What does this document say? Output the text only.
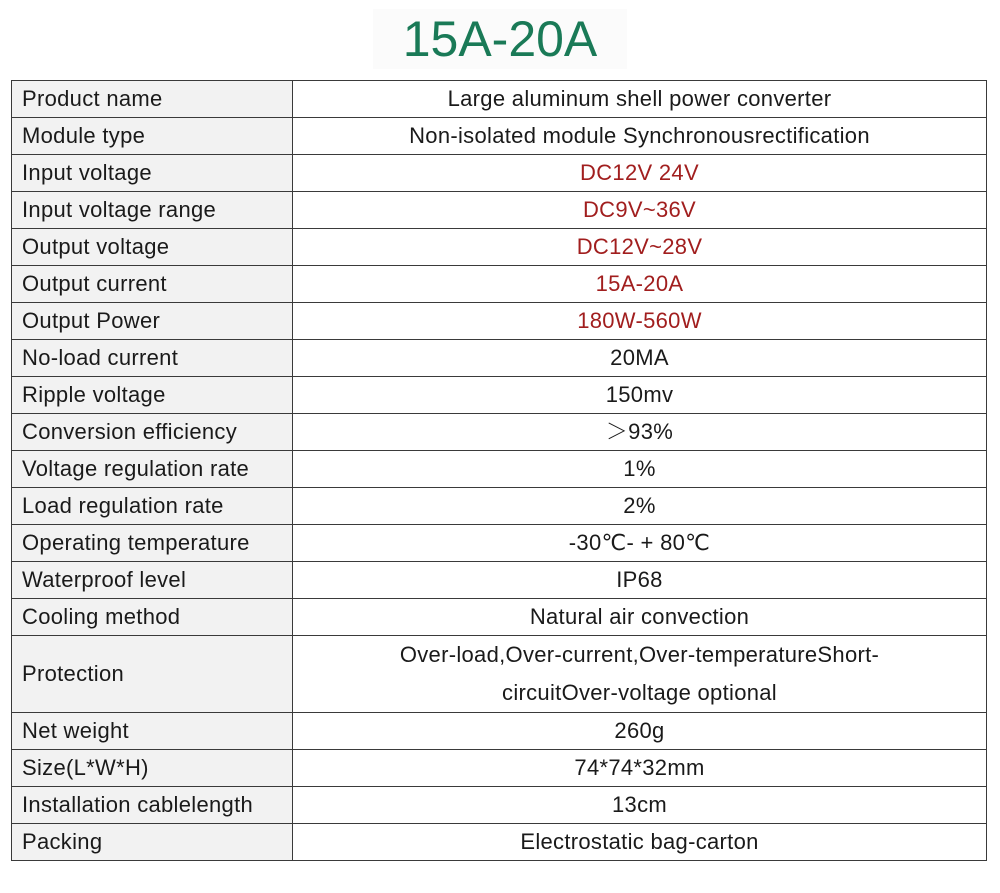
15A-20A
Product name	Large aluminum shell power converter
Module type	Non-isolated module Synchronousrectification
Input voltage	DC12V 24V
Input voltage range	DC9V~36V
Output voltage	DC12V~28V
Output current	15A-20A
Output Power	180W-560W
No-load current	20MA
Ripple voltage	150mv
Conversion efficiency	＞93%
Voltage regulation rate	1%
Load regulation rate	2%
Operating temperature	-30℃- + 80℃
Waterproof level	IP68
Cooling method	Natural air convection
Protection	Over-load,Over-current,Over-temperatureShort-
circuitOver-voltage optional

Net weight	260g
Size(L*W*H)	74*74*32mm
Installation cablelength	13cm
Packing	Electrostatic bag-carton
